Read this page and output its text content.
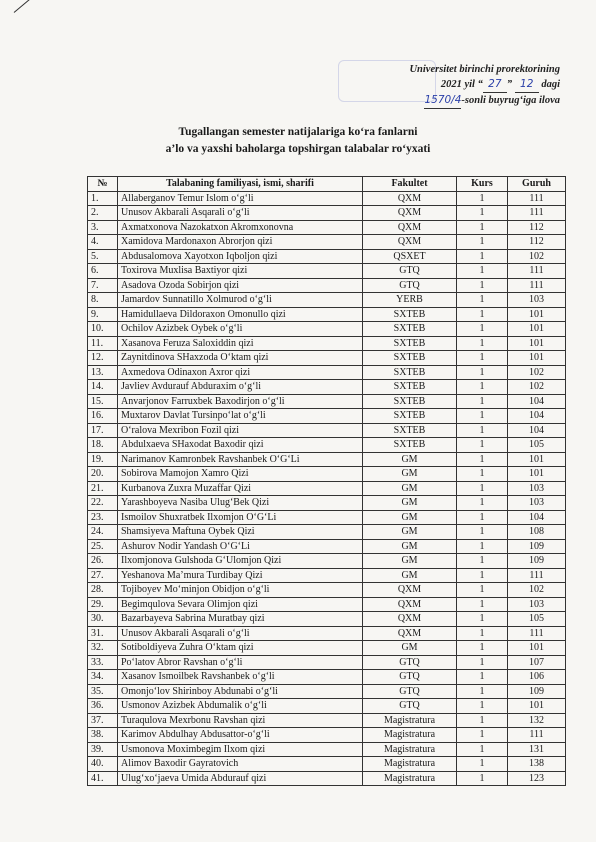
Universitet birinchi prorektorining
2021 yil “ 27 ” 12 dagi
1570/4-sonli buyrug‘iga ilova
Tugallangan semester natijalariga ko‘ra fanlarni
a’lo va yaxshi baholarga topshirgan talabalar ro‘yxati
№	Talabaning familiyasi, ismi, sharifi	Fakultet	Kurs	Guruh
1.	Allaberganov Temur Islom o‘g‘li	QXM	1	111
2.	Unusov Akbarali Asqarali o‘g‘li	QXM	1	111
3.	Axmatxonova Nazokatxon Akromxonovna	QXM	1	112
4.	Xamidova Mardonaxon Abrorjon qizi	QXM	1	112
5.	Abdusalomova Xayotxon Iqboljon qizi	QSXET	1	102
6.	Toxirova Muxlisa Baxtiyor qizi	GTQ	1	111
7.	Asadova Ozoda Sobirjon qizi	GTQ	1	111
8.	Jamardov Sunnatillo Xolmurod o‘g‘li	YERB	1	103
9.	Hamidullaeva Dildoraxon Omonullo qizi	SXTEB	1	101
10.	Ochilov Azizbek Oybek o‘g‘li	SXTEB	1	101
11.	Xasanova Feruza Saloxiddin qizi	SXTEB	1	101
12.	Zaynitdinova SHaxzoda O‘ktam qizi	SXTEB	1	101
13.	Axmedova Odinaxon Axror qizi	SXTEB	1	102
14.	Javliev Avdurauf Abduraxim o‘g‘li	SXTEB	1	102
15.	Anvarjonov Farruxbek Baxodirjon o‘g‘li	SXTEB	1	104
16.	Muxtarov Davlat Tursinpo‘lat o‘g‘li	SXTEB	1	104
17.	O‘ralova Mexribon Fozil qizi	SXTEB	1	104
18.	Abdulxaeva SHaxodat Baxodir qizi	SXTEB	1	105
19.	Narimanov Kamronbek Ravshanbek O‘G‘Li	GM	1	101
20.	Sobirova Mamojon Xamro Qizi	GM	1	101
21.	Kurbanova Zuxra Muzaffar Qizi	GM	1	103
22.	Yarashboyeva Nasiba Ulug‘Bek Qizi	GM	1	103
23.	Ismoilov Shuxratbek Ilxomjon O‘G‘Li	GM	1	104
24.	Shamsiyeva Maftuna Oybek Qizi	GM	1	108
25.	Ashurov Nodir Yandash O‘G‘Li	GM	1	109
26.	Ilxomjonova Gulshoda G‘Ulomjon Qizi	GM	1	109
27.	Yeshanova Ma’mura Turdibay Qizi	GM	1	111
28.	Tojiboyev Mo‘minjon Obidjon o‘g‘li	QXM	1	102
29.	Begimqulova Sevara Olimjon qizi	QXM	1	103
30.	Bazarbayeva Sabrina Muratbay qizi	QXM	1	105
31.	Unusov Akbarali Asqarali o‘g‘li	QXM	1	111
32.	Sotiboldiyeva Zuhra O‘ktam qizi	GM	1	101
33.	Po‘latov Abror Ravshan o‘g‘li	GTQ	1	107
34.	Xasanov Ismoilbek Ravshanbek o‘g‘li	GTQ	1	106
35.	Omonjo‘lov Shirinboy Abdunabi o‘g‘li	GTQ	1	109
36.	Usmonov Azizbek Abdumalik o‘g‘li	GTQ	1	101
37.	Turaqulova Mexrbonu Ravshan qizi	Magistratura	1	132
38.	Karimov Abdulhay Abdusattor-o‘g‘li	Magistratura	1	111
39.	Usmonova Moximbegim Ilxom qizi	Magistratura	1	131
40.	Alimov Baxodir Gayratovich	Magistratura	1	138
41.	Ulug‘xo‘jaeva Umida Abdurauf qizi	Magistratura	1	123
